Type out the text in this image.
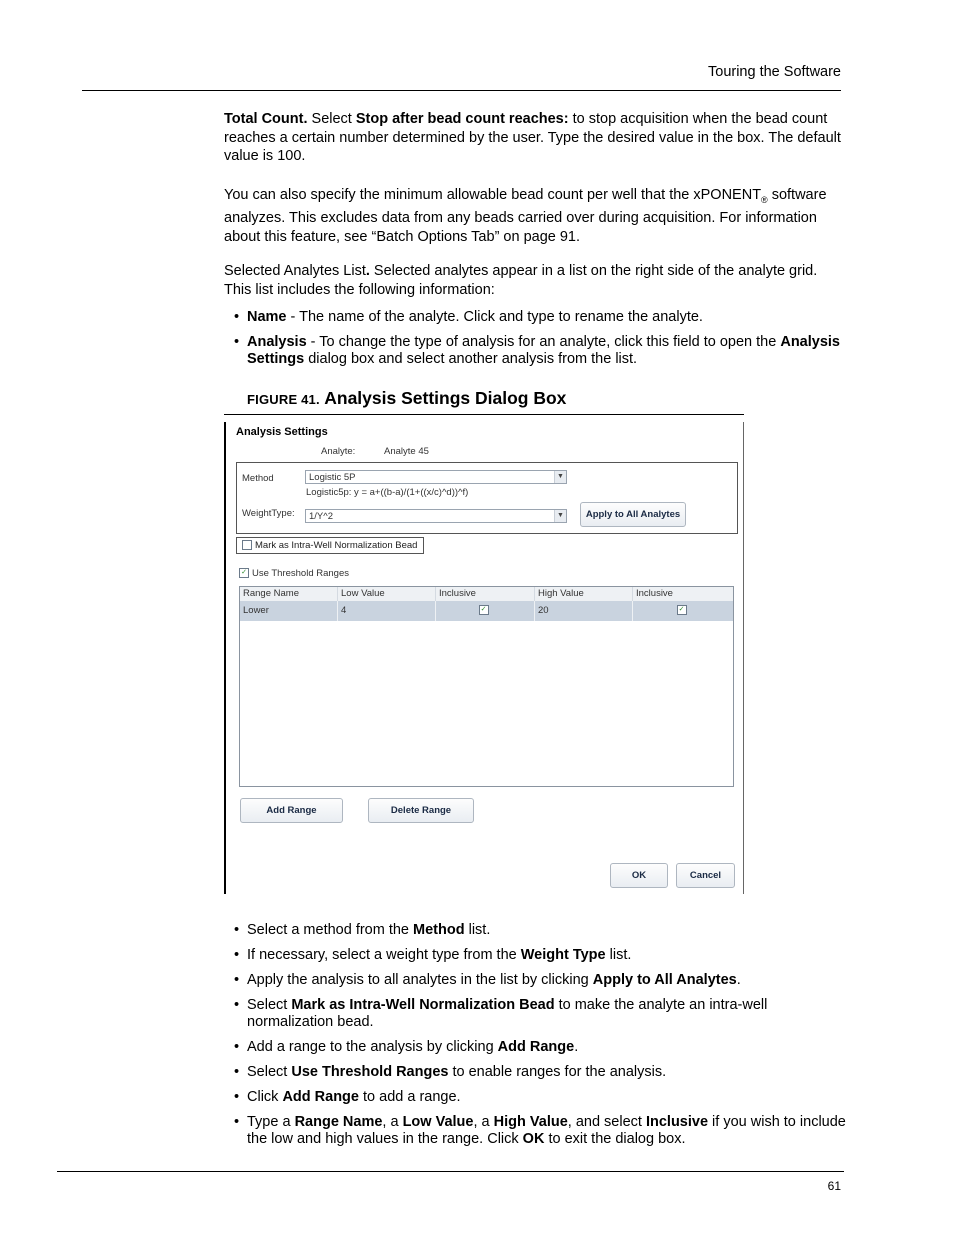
Touring the Software
Total Count. Select Stop after bead count reaches: to stop acquisition when the bead count reaches a certain number determined by the user. Type the desired value in the box. The default value is 100.
You can also specify the minimum allowable bead count per well that the xPONENT$_®$ software analyzes. This excludes data from any beads carried over during acquisition. For information about this feature, see “Batch Options Tab” on page 91.
Selected Analytes List. Selected analytes appear in a list on the right side of the analyte grid. This list includes the following information:
• Name - The name of the analyte. Click and type to rename the analyte.
• Analysis - To change the type of analysis for an analyte, click this field to open the Analysis Settings dialog box and select another analysis from the list.
FIGURE 41. Analysis Settings Dialog Box
Analysis Settings
Analyte:	Analyte 45
Method	Logistic 5P	▼
Logistic5p: y = a+((b-a)/(1+((x/c)^d))^f)
WeightType:	1/Y^2	▼	Apply to All Analytes
Mark as Intra-Well Normalization Bead
✓ Use Threshold Ranges
Range Name	Low Value	Inclusive	High Value	Inclusive
Lower	4	✓	20	✓
Add Range	Delete Range
OK	Cancel
• Select a method from the Method list.
• If necessary, select a weight type from the Weight Type list.
• Apply the analysis to all analytes in the list by clicking Apply to All Analytes.
• Select Mark as Intra-Well Normalization Bead to make the analyte an intra-well normalization bead.
• Add a range to the analysis by clicking Add Range.
• Select Use Threshold Ranges to enable ranges for the analysis.
• Click Add Range to add a range.
• Type a Range Name, a Low Value, a High Value, and select Inclusive if you wish to include the low and high values in the range. Click OK to exit the dialog box.
61
